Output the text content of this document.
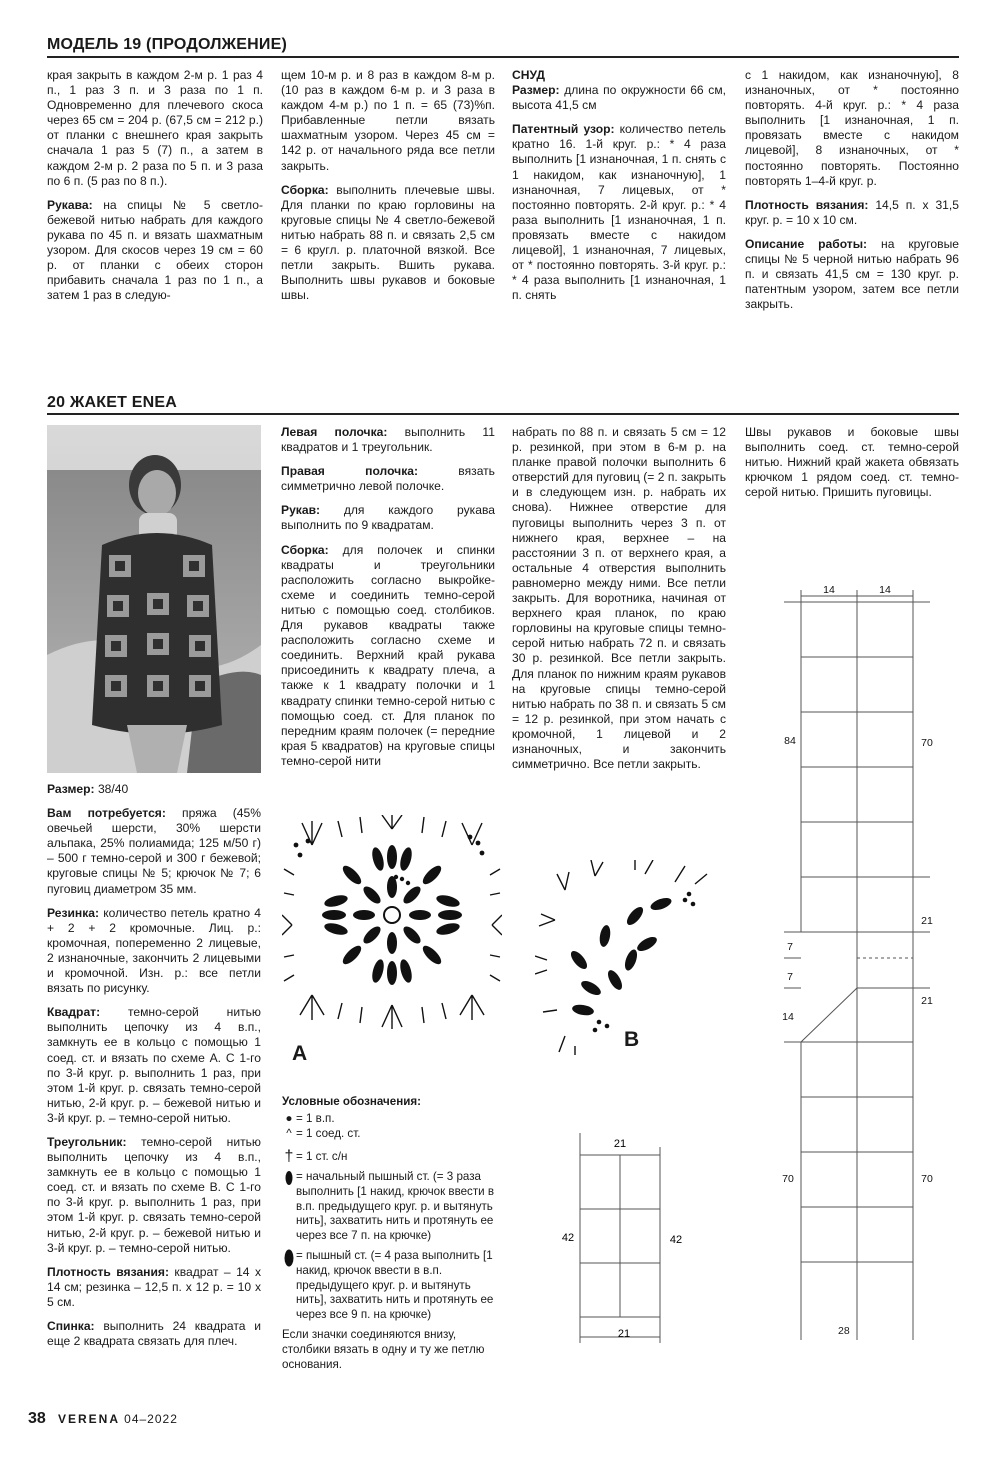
МОДЕЛЬ 19 (ПРОДОЛЖЕНИЕ)

края закрыть в каждом 2-м р. 1 раз 4 п., 1 раз 3 п. и 3 раза по 1 п. Одновременно для плечевого скоса через 65 см = 204 р. (67,5 см = 212 р.) от планки с внешнего края закрыть сначала 1 раз 5 (7) п., а затем в каждом 2-м р. 2 раза по 5 п. и 3 раза по 6 п. (5 раз по 8 п.).

Рукава: на спицы № 5 светло-бежевой нитью набрать для каждого рукава по 45 п. и вязать шахматным узором. Для скосов через 19 см = 60 р. от планки с обеих сторон прибавить сначала 1 раз по 1 п., а затем 1 раз в следую-

щем 10-м р. и 8 раз в каждом 8-м р. (10 раз в каждом 6-м р. и 3 раза в каждом 4-м р.) по 1 п. = 65 (73)%п. Прибавленные петли вязать шахматным узором. Через 45 см = 142 р. от начального ряда все петли закрыть.

Сборка: выполнить плечевые швы. Для планки по краю горловины на круговые спицы № 4 светло-бежевой нитью набрать 88 п. и связать 2,5 см = 6 кругл. р. платочной вязкой. Все петли закрыть. Вшить рукава. Выполнить швы рукавов и боковые швы.

СНУД

Размер: длина по окружности 66 см, высота 41,5 см

Патентный узор: количество петель кратно 16. 1-й круг. р.: * 4 раза выполнить [1 изнаночная, 1 п. снять с 1 накидом, как изнаночную], 1 изнаночная, 7 лицевых, от * постоянно повторять. 2-й круг. р.: * 4 раза выполнить [1 изнаночная, 1 п. провязать вместе с накидом лицевой], 1 изнаночная, 7 лицевых, от * постоянно повторять. 3-й круг. р.: * 4 раза выполнить [1 изнаночная, 1 п. снять

с 1 накидом, как изнаночную], 8 изнаночных, от * постоянно повторять. 4-й круг. р.: * 4 раза выполнить [1 изнаночная, 1 п. провязать вместе с накидом лицевой], 8 изнаночных, от * постоянно повторять. Постоянно повторять 1–4-й круг. р.

Плотность вязания: 14,5 п. х 31,5 круг. р. = 10 х 10 см.

Описание работы: на круговые спицы № 5 черной нитью набрать 96 п. и связать 41,5 см = 130 круг. р. патентным узором, затем все петли закрыть.

20 ЖАКЕТ ENEA

Размер: 38/40

Вам потребуется: пряжа (45% овечьей шерсти, 30% шерсти альпака, 25% полиамида; 125 м/50 г) – 500 г темно-серой и 300 г бежевой; круговые спицы № 5; крючок № 7; 6 пуговиц диаметром 35 мм.

Резинка: количество петель кратно 4 + 2 + 2 кромочные. Лиц. р.: кромочная, попеременно 2 лицевые, 2 изнаночные, закончить 2 лицевыми и кромочной. Изн. р.: все петли вязать по рисунку.

Квадрат: темно-серой нитью выполнить цепочку из 4 в.п., замкнуть ее в кольцо с помощью 1 соед. ст. и вязать по схеме А. С 1-го по 3-й круг. р. выполнить 1 раз, при этом 1-й круг. р. связать темно-серой нитью, 2-й круг. р. – бежевой нитью и 3-й круг. р. – темно-серой нитью.

Треугольник: темно-серой нитью выполнить цепочку из 4 в.п., замкнуть ее в кольцо с помощью 1 соед. ст. и вязать по схеме В. С 1-го по 3-й круг. р. выполнить 1 раз, при этом 1-й круг. р. связать темно-серой нитью, 2-й круг. р. – бежевой нитью и 3-й круг. р. – темно-серой нитью.

Плотность вязания: квадрат – 14 х 14 см; резинка – 12,5 п. х 12 р. = 10 х 5 см.

Спинка: выполнить 24 квадрата и еще 2 квадрата связать для плеч.

Левая полочка: выполнить 11 квадратов и 1 треугольник.

Правая полочка: вязать симметрично левой полочке.

Рукав: для каждого рукава выполнить по 9 квадратам.

Сборка: для полочек и спинки квадраты и треугольники расположить согласно выкройке-схеме и соединить темно-серой нитью с помощью соед. столбиков. Для рукавов квадраты также расположить согласно схеме и соединить. Верхний край рукава присоединить к квадрату плеча, а также к 1 квадрату полочки и 1 квадрату спинки темно-серой нитью с помощью соед. ст. Для планок по передним краям полочек (= передние края 5 квадратов) на круговые спицы темно-серой нити

набрать по 88 п. и связать 5 см = 12 р. резинкой, при этом в 6-м р. на планке правой полочки выполнить 6 отверстий для пуговиц (= 2 п. закрыть и в следующем изн. р. набрать их снова). Нижнее отверстие для пуговицы выполнить через 3 п. от нижнего края, верхнее – на расстоянии 3 п. от верхнего края, а остальные 4 отверстия выполнить равномерно между ними. Все петли закрыть. Для воротника, начиная от верхнего края планок, по краю горловины на круговые спицы темно-серой нитью набрать 72 п. и связать 30 р. резинкой. Все петли закрыть. Для планок по нижним краям рукавов на круговые спицы темно-серой нитью набрать по 38 п. и связать 5 см = 12 р. резинкой, при этом начать с кромочной, 1 лицевой и 2 изнаночных, и закончить симметрично. Все петли закрыть.

Швы рукавов и боковые швы выполнить соед. ст. темно-серой нитью. Нижний край жакета обвязать крючком 1 рядом соед. ст. темно-серой нитью. Пришить пуговицы.

A
B
Условные обозначения:
● = 1 в.п.
^ = 1 соед. ст.
† = 1 ст. с/н
= начальный пышный ст. (= 3 раза выполнить [1 накид, крючок ввести в в.п. предыдущего круг. р. и вытянуть нить], захватить нить и протянуть ее через все 7 п. на крючке)
= пышный ст. (= 4 раза выполнить [1 накид, крючок ввести в в.п. предыдущего круг. р. и вытянуть нить], захватить нить и протянуть ее через все 9 п. на крючке)
Если значки соединяются внизу, столбики вязать в одну и ту же петлю основания.
21
42	42
21
14	14
84	70
21
7
7
21
14
70	70
28
38 VERENA 04–2022
